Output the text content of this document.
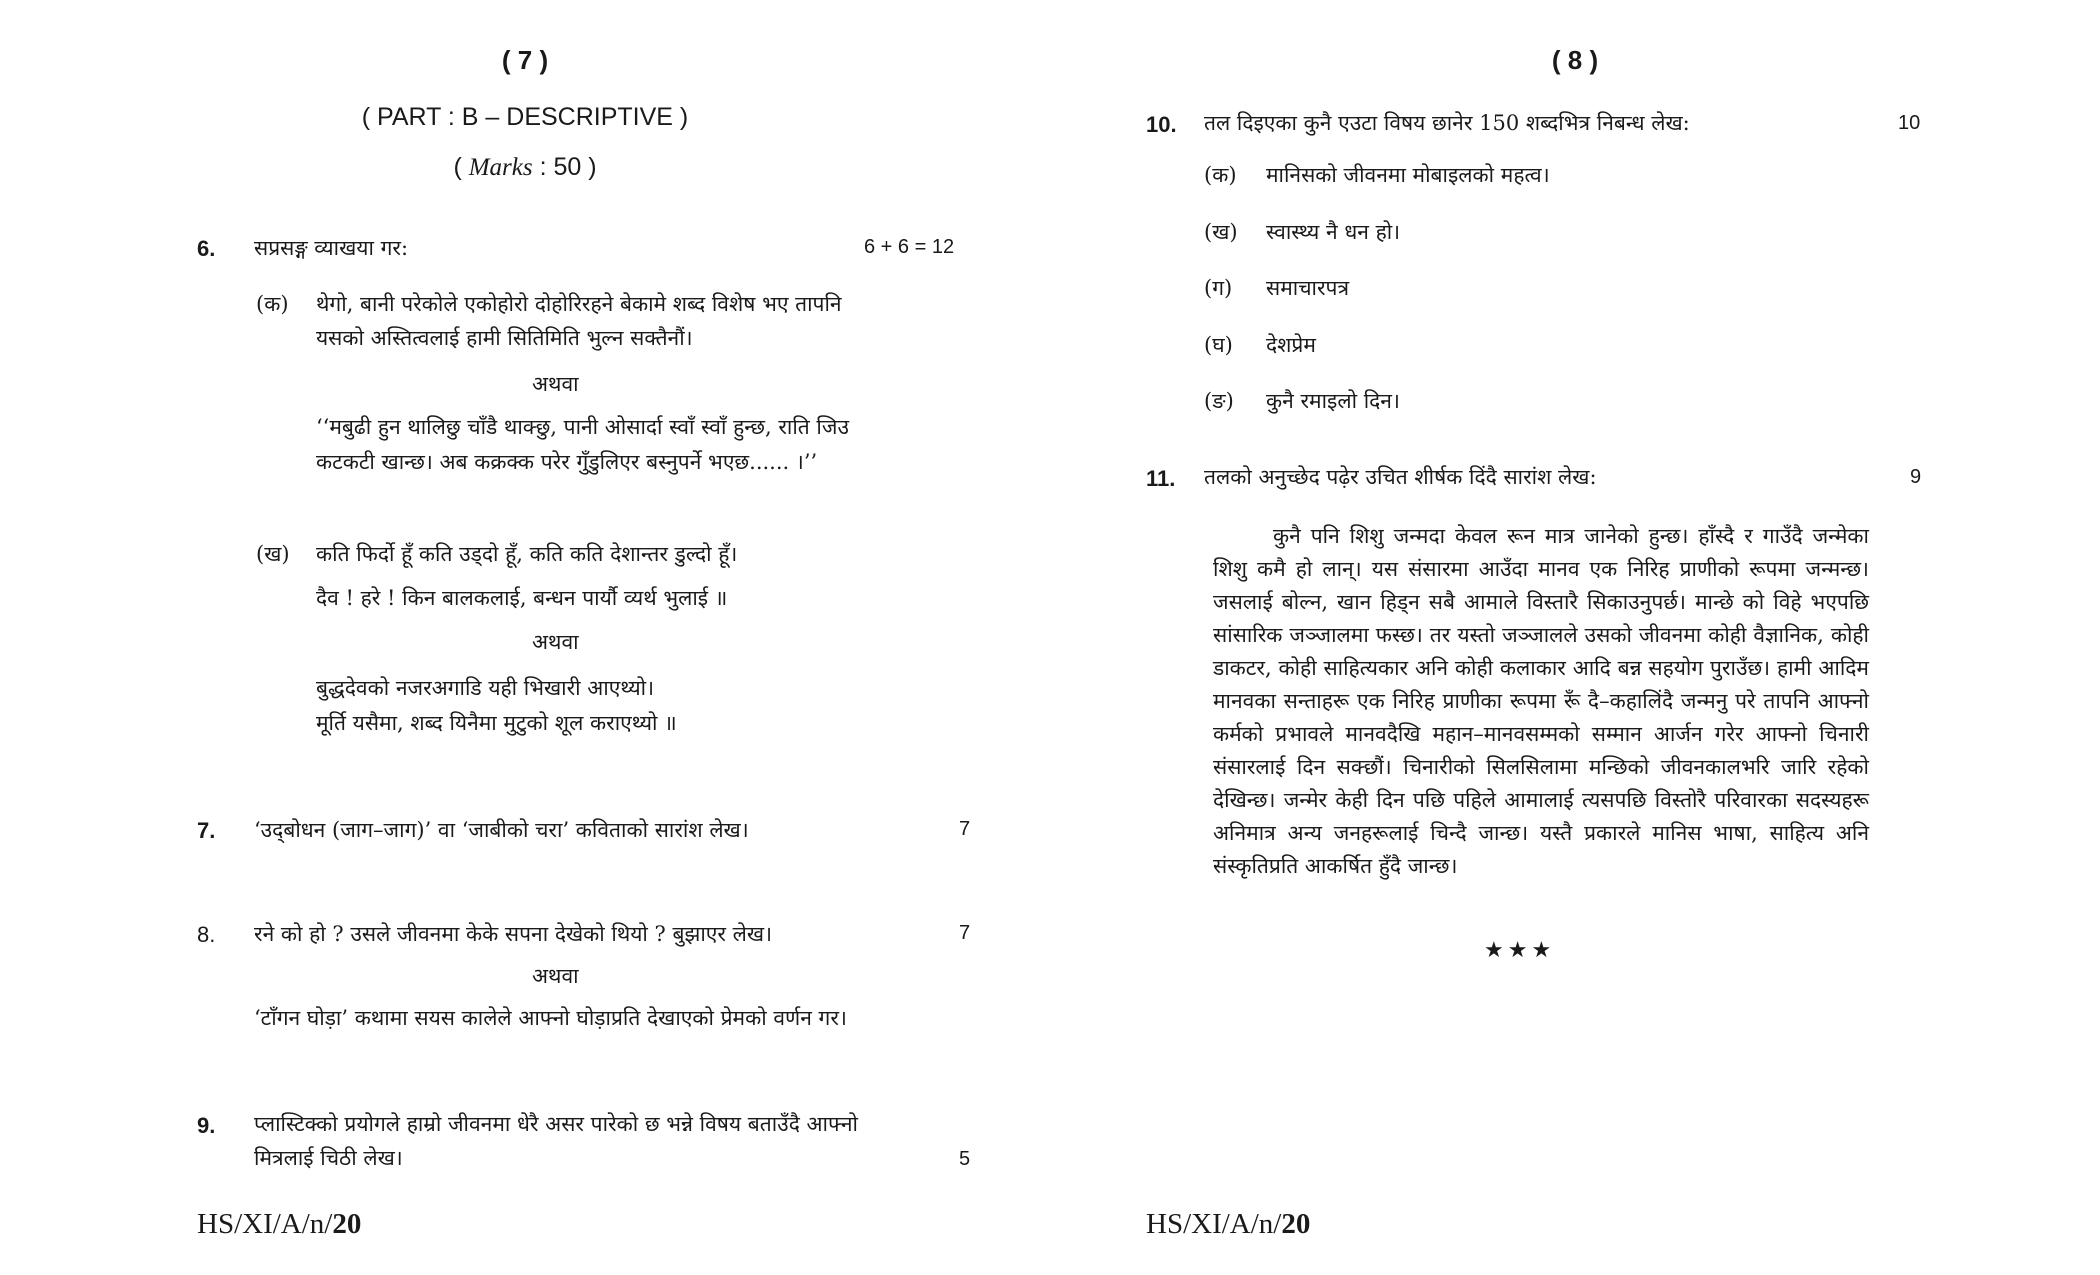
( 7 )
( PART : B – DESCRIPTIVE )
( Marks : 50 )
6. सप्रसङ्ग व्याखया गर:	6 + 6 = 12
(क) थेगो, बानी परेकोले एकोहोरो दोहोरिरहने बेकामे शब्द विशेष भए तापनि
यसको अस्तित्वलाई हामी सितिमिति भुल्न सक्तैनौं।
अथवा
‘‘मबुढी हुन थालिछु चाँडै थाक्छु, पानी ओसार्दा स्वाँ स्वाँ हुन्छ, राति जिउ
कटकटी खान्छ। अब कक्रक्क परेर गुँडुलिएर बस्नुपर्ने भएछ...... ।’’
(ख) कति फिर्दो हूँ कति उड्दो हूँ, कति कति देशान्तर डुल्दो हूँ।
दैव ! हरे ! किन बालकलाई, बन्धन पार्यौ व्यर्थ भुलाई ॥
अथवा
बुद्धदेवको नजरअगाडि यही भिखारी आएथ्यो।
मूर्ति यसैमा, शब्द यिनैमा मुटुको शूल कराएथ्यो ॥
7. ‘उद्‍बोधन (जाग–जाग)’ वा ‘जाबीको चरा’ कविताको सारांश लेख।	7
8. रने को हो ? उसले जीवनमा केके सपना देखेको थियो ? बुझाएर लेख।	7
अथवा
‘टाँगन घोड़ा’ कथामा सयस कालेले आफ्नो घोड़ाप्रति देखाएको प्रेमको वर्णन गर।
9. प्लास्टिक्को प्रयोगले हाम्रो जीवनमा धेरै असर पारेको छ भन्ने विषय बताउँदै आफ्नो
मित्रलाई चिठी लेख।	5
HS/XI/A/n/20
( 8 )
10. तल दिइएका कुनै एउटा विषय छानेर 150 शब्दभित्र निबन्ध लेख:	10
(क) मानिसको जीवनमा मोबाइलको महत्व।
(ख) स्वास्थ्य नै धन हो।
(ग) समाचारपत्र
(घ) देशप्रेम
(ङ) कुनै रमाइलो दिन।
11. तलको अनुच्छेद पढ़ेर उचित शीर्षक दिंदै सारांश लेख:	9
★★★
HS/XI/A/n/20
कुनै पनि शिशु जन्मदा केवल रून मात्र जानेको हुन्छ। हाँस्दै र गाउँदै जन्मेका शिशु कमै हो लान्। यस संसारमा आउँदा मानव एक निरिह प्राणीको रूपमा जन्मन्छ। जसलाई बोल्न, खान हिड्न सबै आमाले विस्तारै सिकाउनुपर्छ। मान्छे को विहे भएपछि सांसारिक जञ्जालमा फस्छ। तर यस्तो जञ्जालले उसको जीवनमा कोही वैज्ञानिक, कोही डाकटर, कोही साहित्यकार अनि कोही कलाकार आदि बन्न सहयोग पुराउँछ। हामी आदिम मानवका सन्ताहरू एक निरिह प्राणीका रूपमा रूँ दै–कहालिंदै जन्मनु परे तापनि आफ्नो कर्मको प्रभावले मानवदैखि महान–मानवसम्मको सम्मान आर्जन गरेर आफ्नो चिनारी संसारलाई दिन सक्छौं। चिनारीको सिलसिलामा मन्छिको जीवनकालभरि जारि रहेको देखिन्छ। जन्मेर केही दिन पछि पहिले आमालाई त्यसपछि विस्तोरै परिवारका सदस्यहरू अनिमात्र अन्य जनहरूलाई चिन्दै जान्छ। यस्तै प्रकारले मानिस भाषा, साहित्य अनि संस्कृतिप्रति आकर्षित हुँदै जान्छ।
